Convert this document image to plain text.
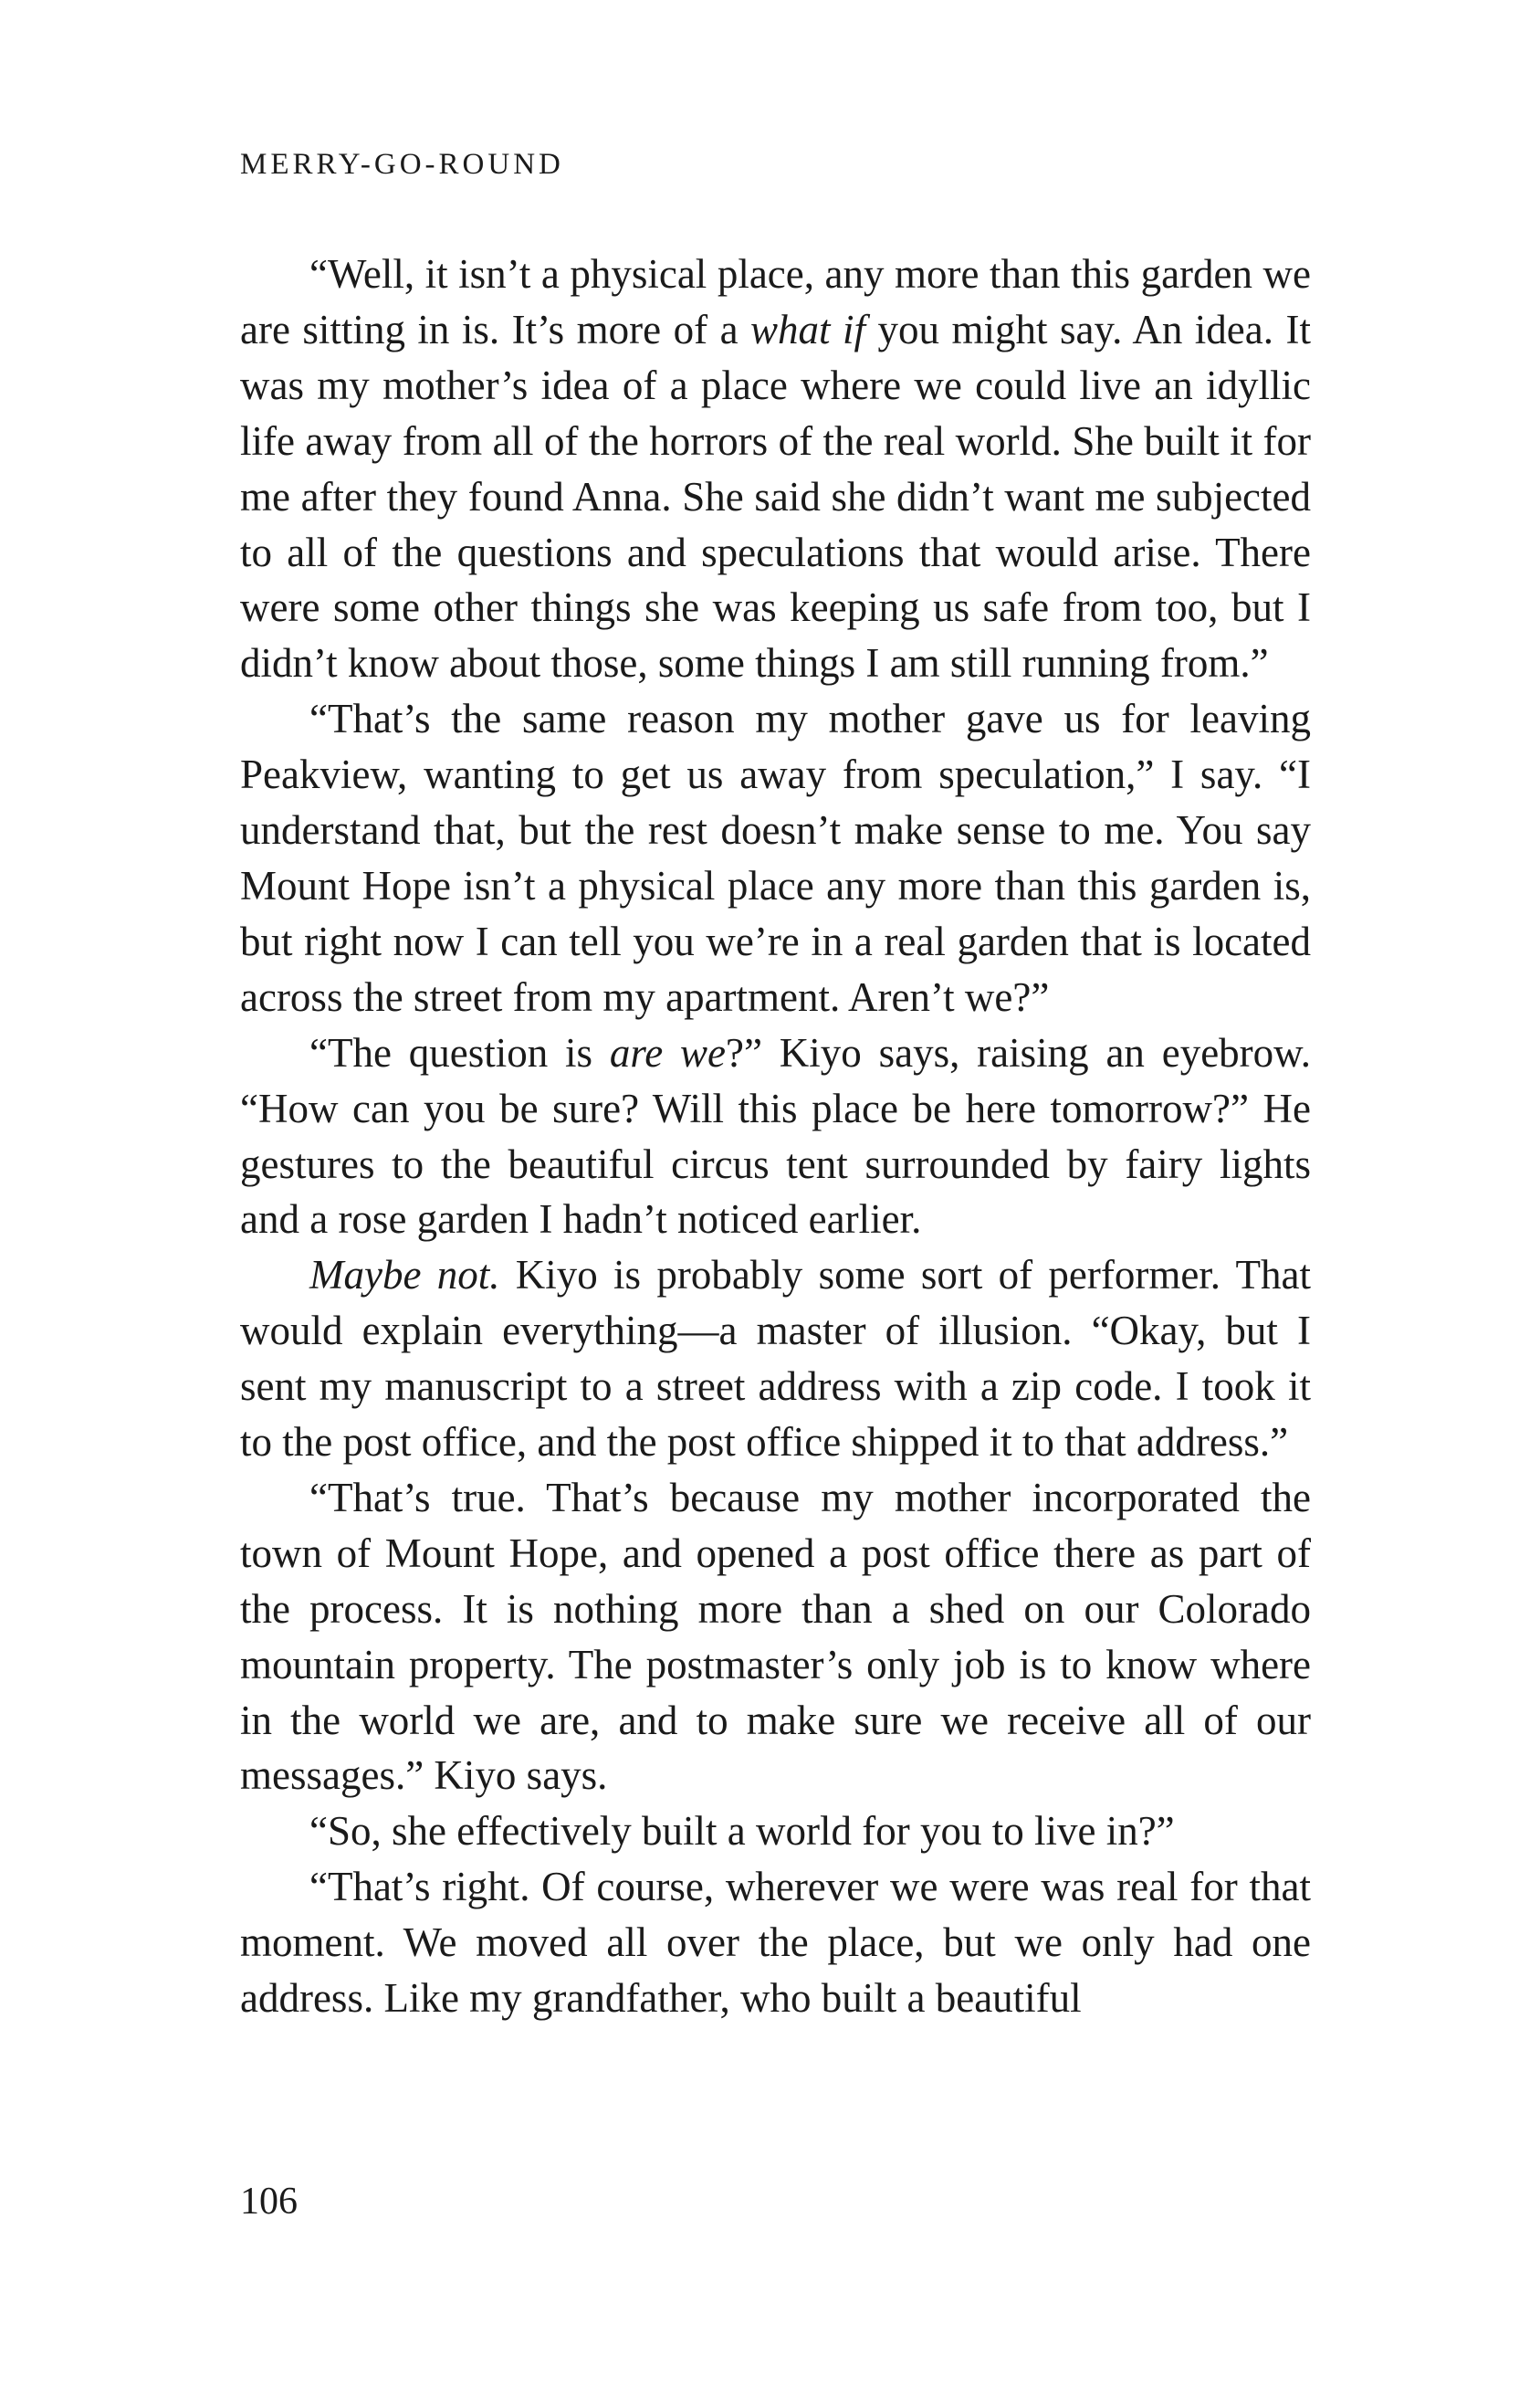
MERRY-GO-ROUND

“Well, it isn’t a physical place, any more than this garden we are sitting in is. It’s more of a what if you might say. An idea. It was my mother’s idea of a place where we could live an idyllic life away from all of the horrors of the real world. She built it for me after they found Anna. She said she didn’t want me subjected to all of the questions and speculations that would arise. There were some other things she was keeping us safe from too, but I didn’t know about those, some things I am still running from.”

“That’s the same reason my mother gave us for leaving Peakview, wanting to get us away from speculation,” I say. “I understand that, but the rest doesn’t make sense to me. You say Mount Hope isn’t a physical place any more than this garden is, but right now I can tell you we’re in a real garden that is located across the street from my apartment. Aren’t we?”

“The question is are we?” Kiyo says, raising an eyebrow. “How can you be sure? Will this place be here tomorrow?” He gestures to the beautiful circus tent surrounded by fairy lights and a rose garden I hadn’t noticed earlier.

Maybe not. Kiyo is probably some sort of performer. That would explain everything—a master of illusion. “Okay, but I sent my manuscript to a street address with a zip code. I took it to the post office, and the post office shipped it to that address.”

“That’s true. That’s because my mother incorporated the town of Mount Hope, and opened a post office there as part of the process. It is nothing more than a shed on our Colorado mountain property. The postmaster’s only job is to know where in the world we are, and to make sure we receive all of our messages.” Kiyo says.

“So, she effectively built a world for you to live in?”

“That’s right. Of course, wherever we were was real for that moment. We moved all over the place, but we only had one address. Like my grandfather, who built a beautiful

106
